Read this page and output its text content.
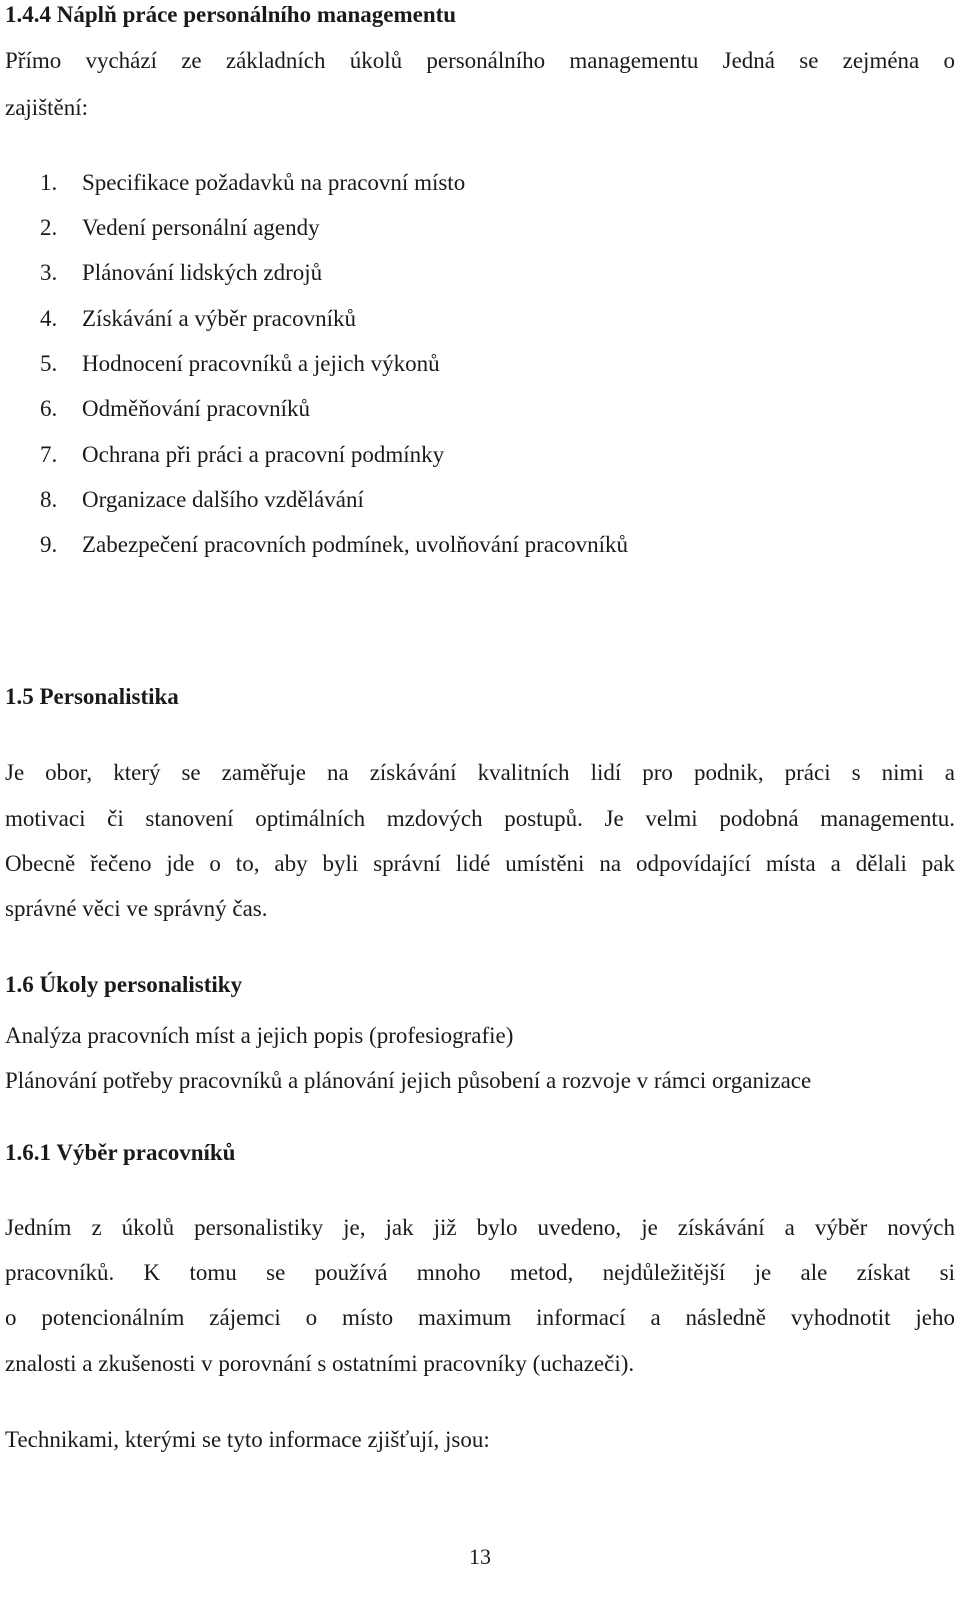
1.4.4 Náplň práce personálního managementu
Přímo vychází ze základních úkolů personálního managementu Jedná se zejména o
zajištění:
1. Specifikace požadavků na pracovní místo
2. Vedení personální agendy
3. Plánování lidských zdrojů
4. Získávání a výběr pracovníků
5. Hodnocení pracovníků a jejich výkonů
6. Odměňování pracovníků
7. Ochrana při práci a pracovní podmínky
8. Organizace dalšího vzdělávání
9. Zabezpečení pracovních podmínek, uvolňování pracovníků
1.5 Personalistika
Je obor, který se zaměřuje na získávání kvalitních lidí pro podnik, práci s nimi a
motivaci či stanovení optimálních mzdových postupů. Je velmi podobná managementu.
Obecně řečeno jde o to, aby byli správní lidé umístěni na odpovídající místa a dělali pak
správné věci ve správný čas.
1.6 Úkoly personalistiky
Analýza pracovních míst a jejich popis (profesiografie)
Plánování potřeby pracovníků a plánování jejich působení a rozvoje v rámci organizace
1.6.1 Výběr pracovníků
Jedním z úkolů personalistiky je, jak již bylo uvedeno, je získávání a výběr nových
pracovníků. K tomu se používá mnoho metod, nejdůležitější je ale získat si
o potencionálním zájemci o místo maximum informací a následně vyhodnotit jeho
znalosti a zkušenosti v porovnání s ostatními pracovníky (uchazeči).
Technikami, kterými se tyto informace zjišťují, jsou:
13
